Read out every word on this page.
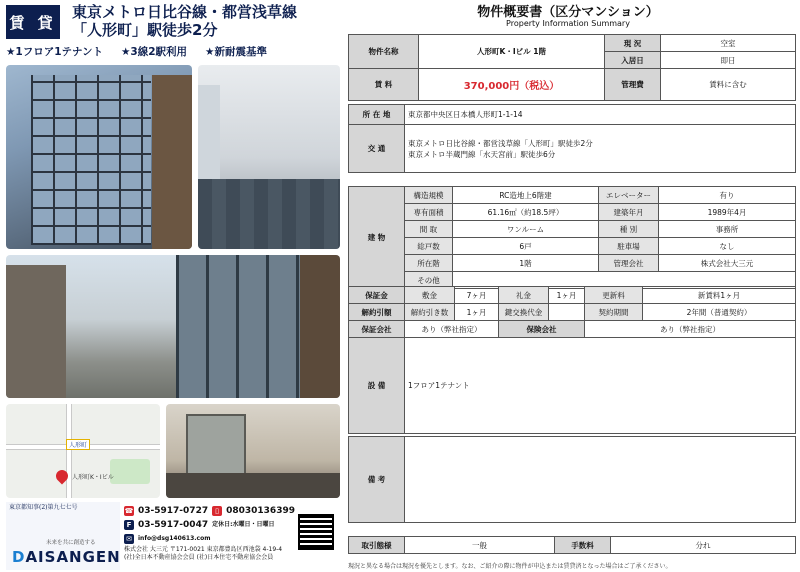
賃 貸
東京メトロ日比谷線・都営浅草線
「人形町」駅徒歩2分
★1フロア1テナント ★3線2駅利用 ★新耐震基準
人形町
人形町K・Iビル
東京都知事(2)第九七七号
未来を共に創造する
DAISANGEN
☎ 03-5917-0727	▯ 08030136399
F 03-5917-0047 定休日:水曜日・日曜日
✉	info@dsg140613.com
株式会社 大三元 〒171-0021 東京都豊島区西池袋 4-19-4
(社)全日本不動産協会会員 (社)日本住宅不動産協会会員
物件概要書（区分マンション）
Property Information Summary
物件名称	人形町K・Iビル 1階	現 況	空室
		入居日	即日
賃 料	370,000円（税込）	管理費	賃料に含む
所 在 地	東京都中央区日本橋人形町1-1-14
交 通	東京メトロ日比谷線・都営浅草線「人形町」駅徒歩2分
東京メトロ半蔵門線「水天宮前」駅徒歩6分
建 物	構造規模	RC造地上6階建	エレベーター	有り
	専有面積	61.16㎡（約18.5坪）	建築年月	1989年4月
	間 取	ワンルーム	種 別	事務所
	総戸数	6戸	駐車場	なし
	所在階	1階	管理会社	株式会社大三元
	その他			
保証金	敷金	7ヶ月	礼金	1ヶ月	更新料	新賃料1ヶ月
解約引額	解約引き数	1ヶ月	鍵交換代金		契約期間	2年間（普通契約）
保証会社	あり（弊社指定）		保険会社		あり（弊社指定）	
設 備	1フロア1テナント					
備 考	
取引態様	一般	手数料	分れ
現況と異なる場合は現況を優先とします。なお、ご紹介の際に物件が申込または賃貸済となった場合はご了承ください。
